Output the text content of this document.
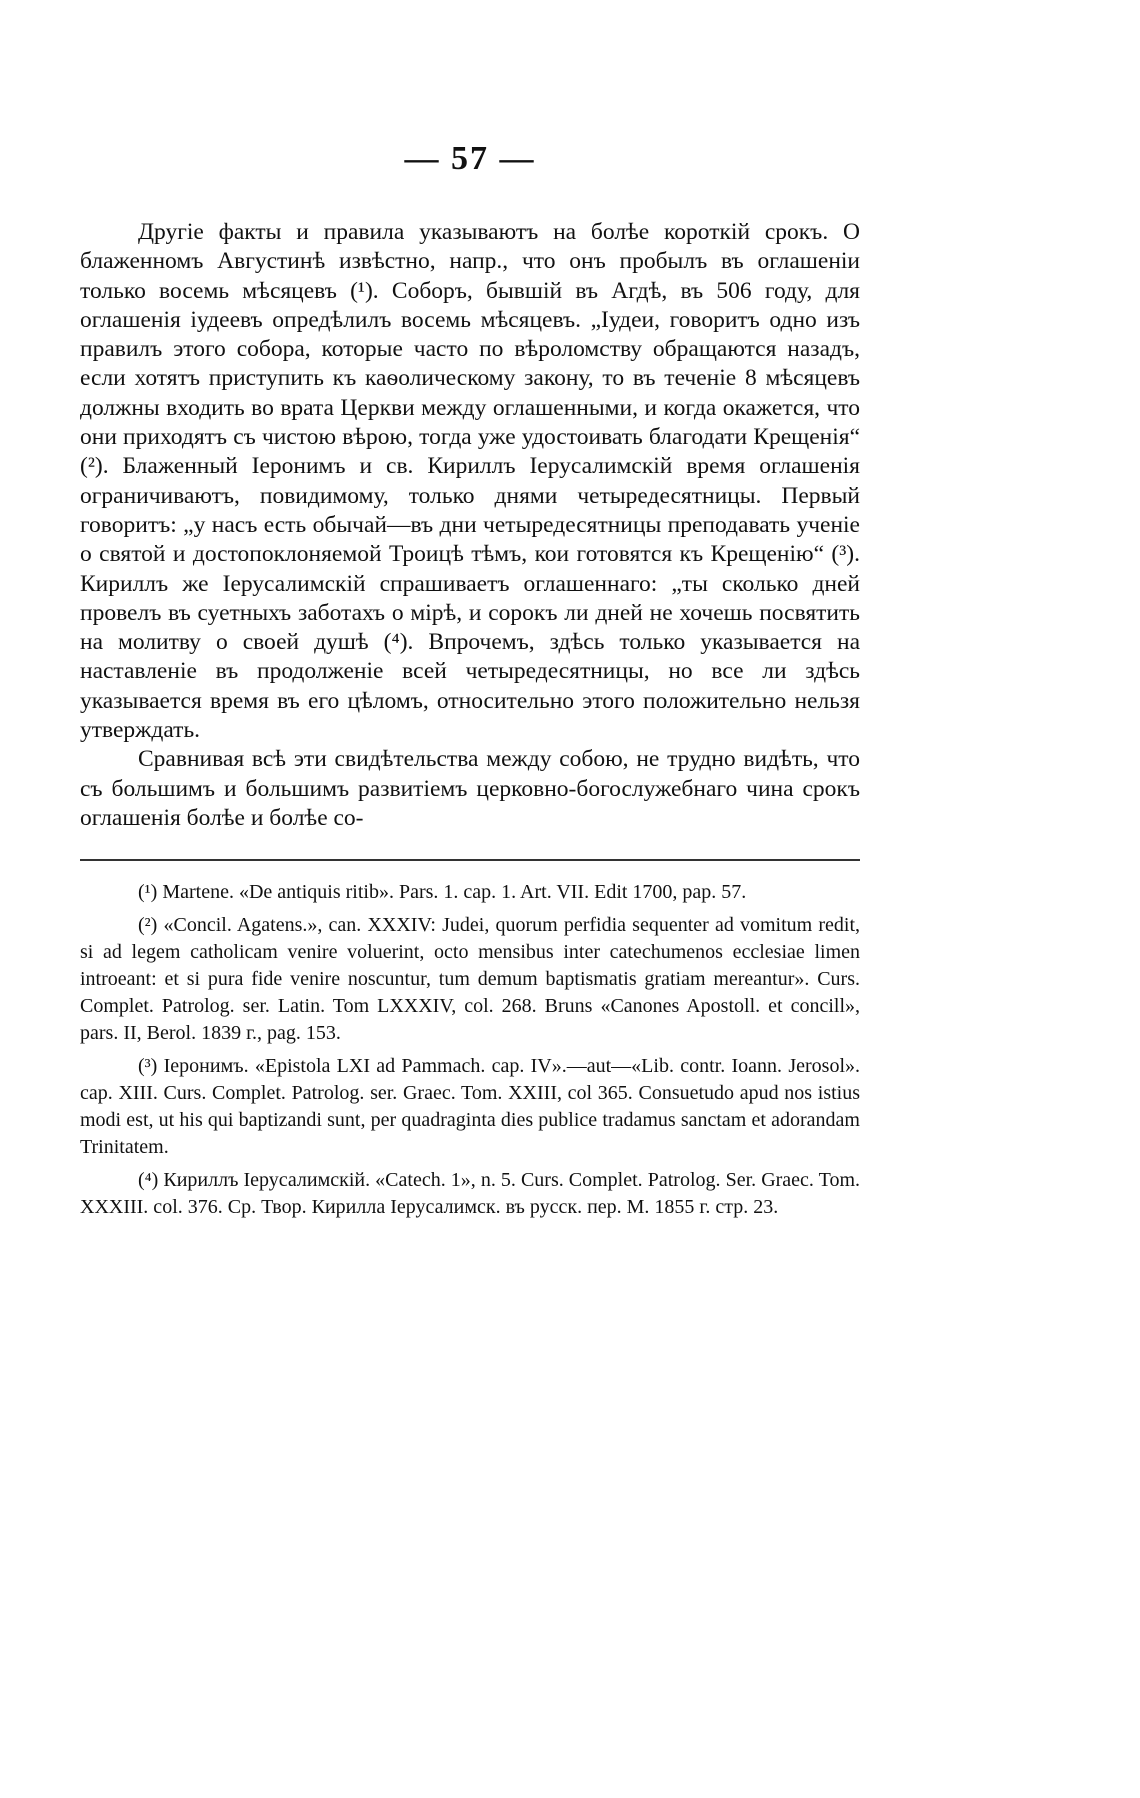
— 57 —

Другіе факты и правила указываютъ на болѣе короткій срокъ. О блаженномъ Августинѣ извѣстно, напр., что онъ пробылъ въ оглашеніи только восемь мѣсяцевъ (¹). Соборъ, бывшій въ Агдѣ, въ 506 году, для оглашенія іудеевъ опредѣлилъ восемь мѣсяцевъ. „Іудеи, говоритъ одно изъ правилъ этого собора, которые часто по вѣроломству обращаются назадъ, если хотятъ приступить къ каѳолическому закону, то въ теченіе 8 мѣсяцевъ должны входить во врата Церкви между оглашенными, и когда окажется, что они приходятъ съ чистою вѣрою, тогда уже удостоивать благодати Крещенія“ (²). Блаженный Іеронимъ и св. Кириллъ Іерусалимскій время оглашенія ограничиваютъ, повидимому, только днями четыредесятницы. Первый говоритъ: „у насъ есть обычай—въ дни четыредесятницы преподавать ученіе о святой и достопоклоняемой Троицѣ тѣмъ, кои готовятся къ Крещенію“ (³). Кириллъ же Іерусалимскій спрашиваетъ оглашеннаго: „ты сколько дней провелъ въ суетныхъ заботахъ о мірѣ, и сорокъ ли дней не хочешь посвятить на молитву о своей душѣ (⁴). Впрочемъ, здѣсь только указывается на наставленіе въ продолженіе всей четыредесятницы, но все ли здѣсь указывается время въ его цѣломъ, относительно этого положительно нельзя утверждать.

Сравнивая всѣ эти свидѣтельства между собою, не трудно видѣть, что съ большимъ и большимъ развитіемъ церковно-богослужебнаго чина срокъ оглашенія болѣе и болѣе со-

(¹) Martene. «De antiquis ritib». Pars. 1. cap. 1. Art. VII. Edit 1700, pap. 57.

(²) «Concil. Agatens.», can. XXXIV: Judei, quorum perfidia sequenter ad vomitum redit, si ad legem catholicam venire voluerint, octo mensibus inter catechumenos ecclesiae limen introeant: et si pura fide venire noscuntur, tum demum baptismatis gratiam mereantur». Curs. Complet. Patrolog. ser. Latin. Tom LXXXIV, col. 268. Bruns «Canones Apostoll. et concill», pars. II, Berol. 1839 г., pag. 153.

(³) Іеронимъ. «Epistola LXI ad Pammach. cap. IV».—aut—«Lib. contr. Ioann. Jerosol». cap. XIII. Curs. Complet. Patrolog. ser. Graec. Tom. XXIII, col 365. Consuetudo apud nos istius modi est, ut his qui baptizandi sunt, per quadraginta dies publice tradamus sanctam et adorandam Trinitatem.

(⁴) Кириллъ Іерусалимскій. «Catech. 1», n. 5. Curs. Complet. Patrolog. Ser. Graec. Tom. XXXIII. col. 376. Ср. Твор. Кирилла Іерусалимск. въ русск. пер. М. 1855 г. стр. 23.
